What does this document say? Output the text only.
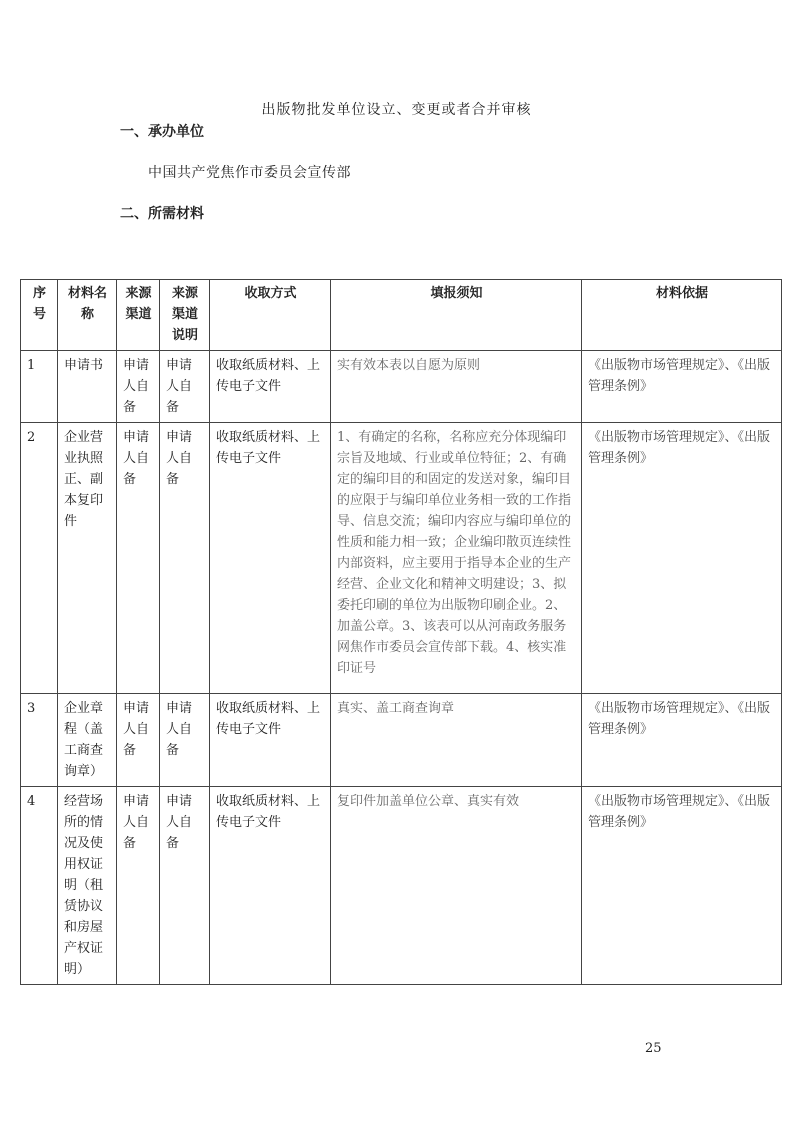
出版物批发单位设立、变更或者合并审核
一、承办单位
中国共产党焦作市委员会宣传部
二、所需材料
序号	材料名称	来源渠道	来源渠道说明	收取方式	填报须知	材料依据
1	申请书	申请人自备	申请人自备	收取纸质材料、上传电子文件	实有效本表以自愿为原则	《出版物市场管理规定》、《出版管理条例》
2	企业营业执照正、副本复印件	申请人自备	申请人自备	收取纸质材料、上传电子文件	1、有确定的名称，名称应充分体现编印宗旨及地域、行业或单位特征；2、有确定的编印目的和固定的发送对象，编印目的应限于与编印单位业务相一致的工作指导、信息交流；编印内容应与编印单位的性质和能力相一致；企业编印散页连续性内部资料，应主要用于指导本企业的生产经营、企业文化和精神文明建设；3、拟委托印刷的单位为出版物印刷企业。2、加盖公章。3、该表可以从河南政务服务网焦作市委员会宣传部下载。4、核实准印证号	《出版物市场管理规定》、《出版管理条例》
3	企业章程（盖工商查询章）	申请人自备	申请人自备	收取纸质材料、上传电子文件	真实、盖工商查询章	《出版物市场管理规定》、《出版管理条例》
4	经营场所的情况及使用权证明（租赁协议和房屋产权证明）	申请人自备	申请人自备	收取纸质材料、上传电子文件	复印件加盖单位公章、真实有效	《出版物市场管理规定》、《出版管理条例》
25
